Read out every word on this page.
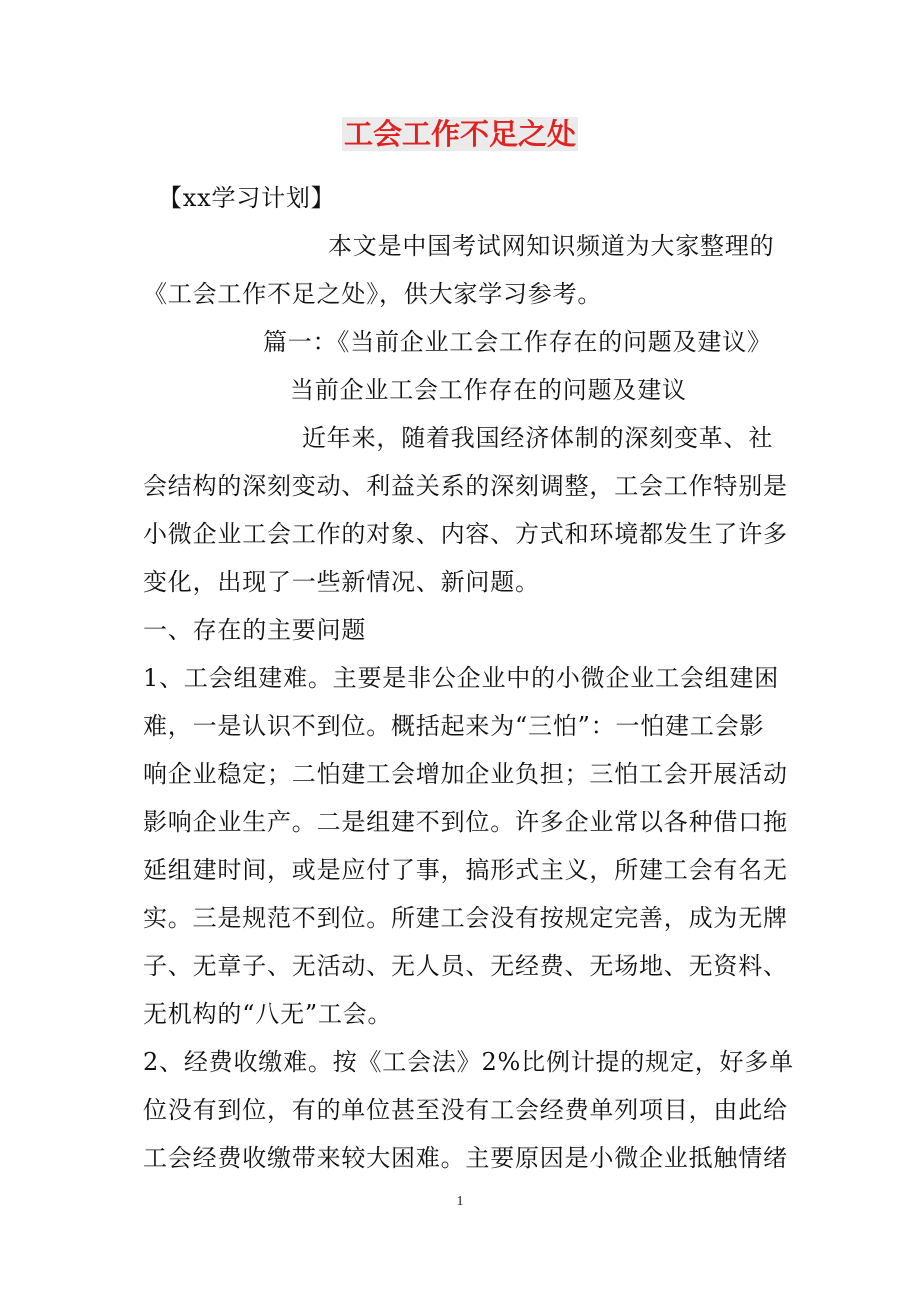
工会工作不足之处
【xx学习计划】
本文是中国考试网知识频道为大家整理的
《工会工作不足之处》，供大家学习参考。
篇一：《当前企业工会工作存在的问题及建议》
当前企业工会工作存在的问题及建议
近年来，随着我国经济体制的深刻变革、社
会结构的深刻变动、利益关系的深刻调整，工会工作特别是
小微企业工会工作的对象、内容、方式和环境都发生了许多
变化，出现了一些新情况、新问题。
一、存在的主要问题
1、工会组建难。主要是非公企业中的小微企业工会组建困
难，一是认识不到位。概括起来为“三怕”：一怕建工会影
响企业稳定；二怕建工会增加企业负担；三怕工会开展活动
影响企业生产。二是组建不到位。许多企业常以各种借口拖
延组建时间，或是应付了事，搞形式主义，所建工会有名无
实。三是规范不到位。所建工会没有按规定完善，成为无牌
子、无章子、无活动、无人员、无经费、无场地、无资料、
无机构的“八无”工会。
2、经费收缴难。按《工会法》2%比例计提的规定，好多单
位没有到位，有的单位甚至没有工会经费单列项目，由此给
工会经费收缴带来较大困难。主要原因是小微企业抵触情绪
1
